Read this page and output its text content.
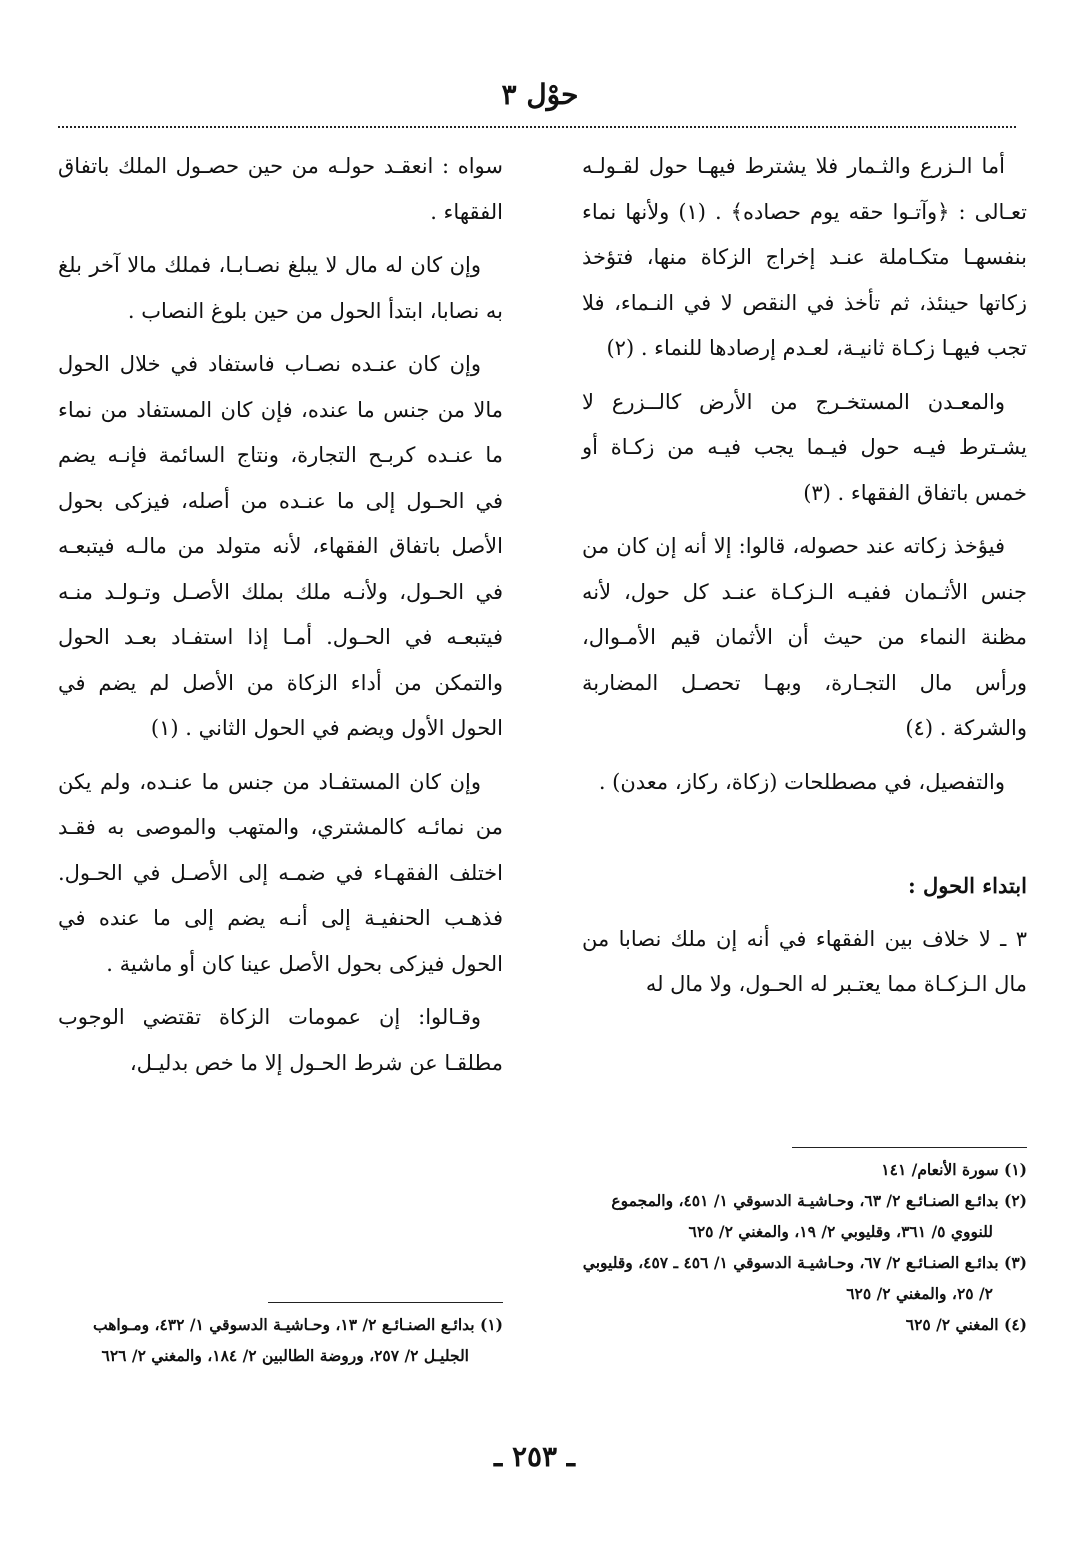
حوْل ٣

أما الـزرع والثـمار فلا يشترط فيهـا حول لقـولـه تعـالى : ﴿وآتـوا حقه يوم حصاده﴾ . (١) ولأنها نماء بنفسهـا متكـاملة عنـد إخراج الزكاة منها، فتؤخذ زكاتها حينئذ، ثم تأخذ في النقص لا في النـماء، فلا تجب فيهـا زكـاة ثانيـة، لعـدم إرصادها للنماء . (٢)

والمعـدن المستخـرج من الأرض كالــزرع لا يشـترط فيـه حول فيـما يجب فيـه من زكـاة أو خمس باتفاق الفقهاء . (٣)

فيؤخذ زكاته عند حصوله، قالوا: إلا أنه إن كان من جنس الأثـمان ففيـه الـزكـاة عنـد كل حول، لأنه مظنة النماء من حيث أن الأثمان قيم الأمـوال، ورأس مال التجـارة، وبهـا تحصـل المضاربة والشركة . (٤)

والتفصيل، في مصطلحات (زكاة، ركاز، معدن) .

ابتداء الحول :

٣ ـ لا خلاف بين الفقهاء في أنه إن ملك نصابا من مال الـزكـاة مما يعتـبر له الحـول، ولا مال له

سواه : انعقـد حولـه من حين حصـول الملك باتفاق الفقهاء .

وإن كان له مال لا يبلغ نصـابـا، فملك مالا آخر بلغ به نصابا، ابتدأ الحول من حين بلوغ النصاب .

وإن كان عنـده نصـاب فاستفاد في خلال الحول مالا من جنس ما عنده، فإن كان المستفاد من نماء ما عنـده كربـح التجارة، ونتاج السائمة فإنـه يضم في الحـول إلى ما عنـده من أصله، فيزكى بحول الأصل باتفاق الفقهاء، لأنه متولد من مالـه فيتبعـه في الحـول، ولأنـه ملك بملك الأصـل وتـولـد منـه فيتبعـه في الحـول. أمـا إذا استفـاد بعـد الحول والتمكن من أداء الزكاة من الأصل لم يضم في الحول الأول ويضم في الحول الثاني . (١)

وإن كان المستفـاد من جنس ما عنـده، ولم يكن من نمائـه كالمشتري، والمتهب والموصى به فقـد اختلف الفقهـاء في ضمـه إلى الأصـل في الحـول. فذهـب الحنفيـة إلى أنـه يضم إلى ما عنده في الحول فيزكى بحول الأصل عينا كان أو ماشية .

وقـالوا: إن عمومات الزكاة تقتضي الوجوب مطلقـا عن شرط الحـول إلا ما خص بدليـل،

(١) سورة الأنعام/ ١٤١

(٢) بدائـع الصنـائـع ٢/ ٦٣، وحـاشيـة الدسوقي ١/ ٤٥١، والمجموع للنووي ٥/ ٣٦١، وقليوبي ٢/ ١٩، والمغني ٢/ ٦٢٥

(٣) بدائـع الصنـائـع ٢/ ٦٧، وحـاشيـة الدسوقي ١/ ٤٥٦ ـ ٤٥٧، وقليوبي ٢/ ٢٥، والمغني ٢/ ٦٢٥

(٤) المغني ٢/ ٦٢٥

(١) بدائـع الصنـائـع ٢/ ١٣، وحـاشيـة الدسوقي ١/ ٤٣٢، ومـواهب الجليـل ٢/ ٢٥٧، وروضة الطالبين ٢/ ١٨٤، والمغني ٢/ ٦٢٦

ـ ٢٥٣ ـ
